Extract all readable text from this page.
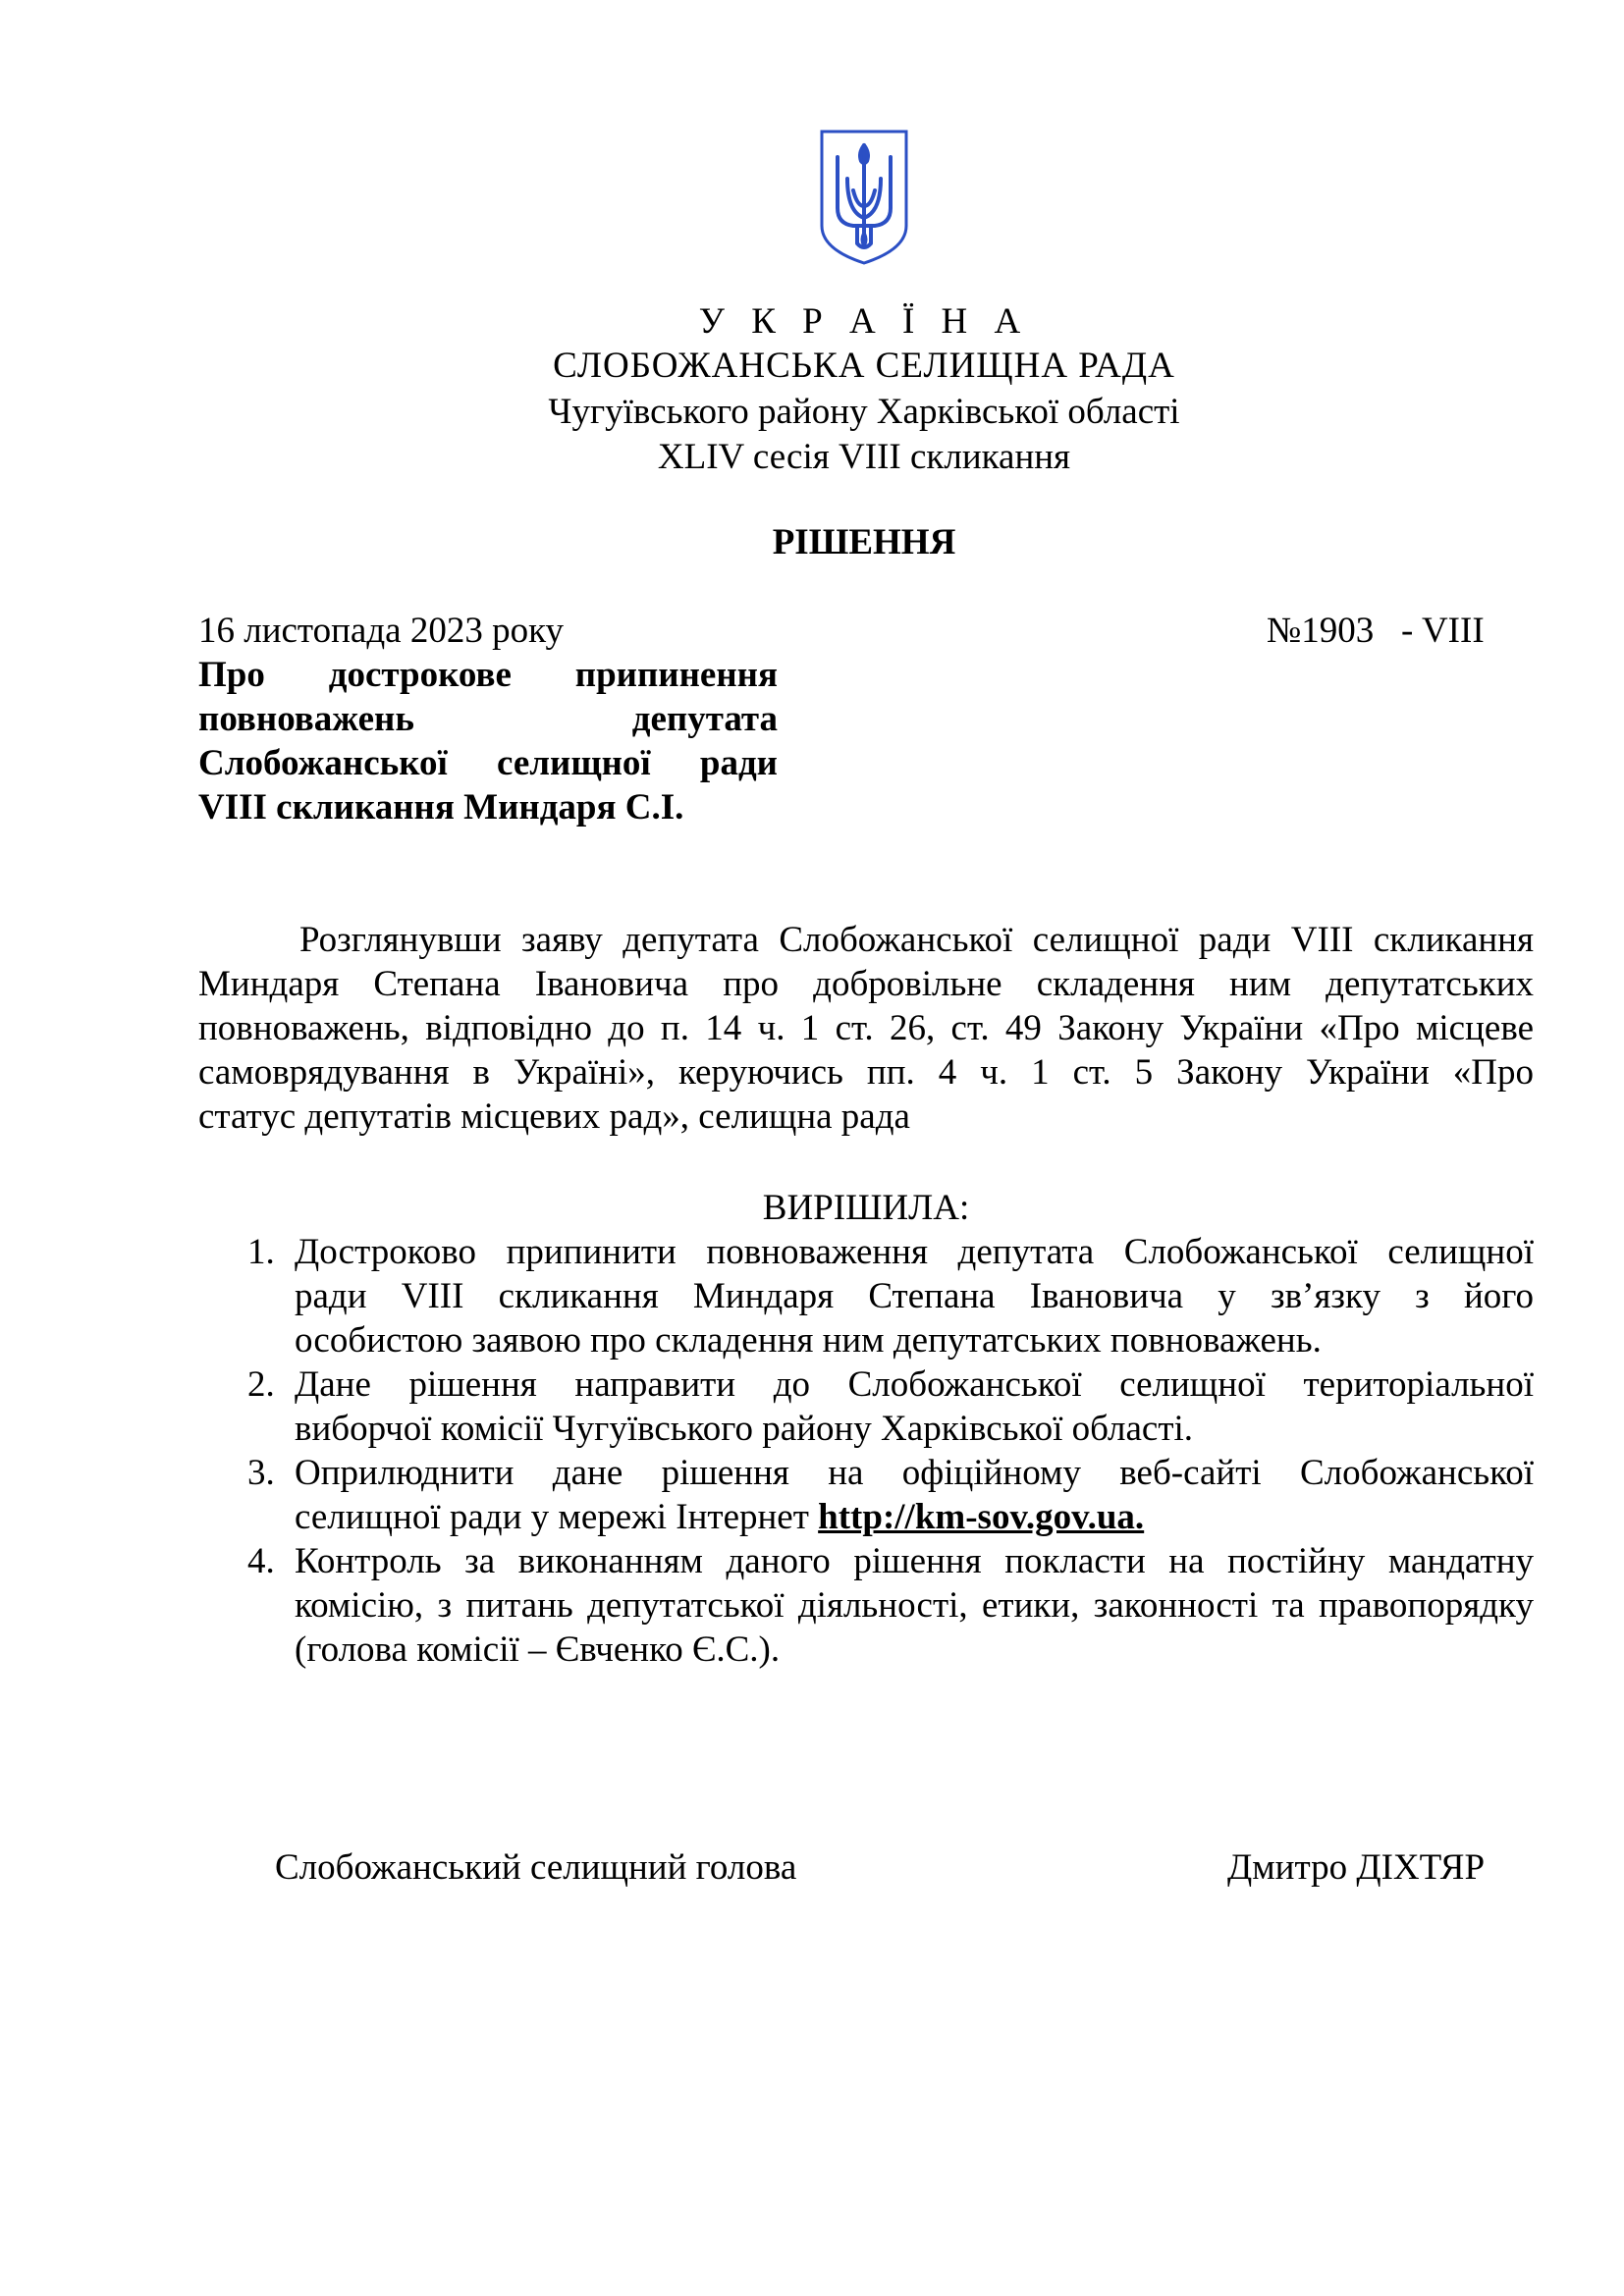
У К Р А Ї Н А
СЛОБОЖАНСЬКА СЕЛИЩНА РАДА
Чугуївського району Харківської області
XLIV сесія VIII скликання
РІШЕННЯ
16 листопада 2023 року	№1903   - VIII
Про дострокове припинення
повноважень депутата
Слобожанської селищної ради
VIII скликання Миндаря С.І.
Розглянувши заяву депутата Слобожанської селищної ради VIII скликання
Миндаря Степана Івановича про добровільне складення ним депутатських
повноважень, відповідно до п. 14 ч. 1 ст. 26, ст. 49 Закону України «Про місцеве
самоврядування в Україні», керуючись пп. 4 ч. 1 ст. 5 Закону України «Про
статус депутатів місцевих рад», селищна рада
ВИРІШИЛА:
1. Достроково припинити повноваження депутата Слобожанської селищної
ради VIII скликання Миндаря Степана Івановича у зв’язку з його
особистою заявою про складення ним депутатських повноважень.
2. Дане рішення направити до Слобожанської селищної територіальної
виборчої комісії Чугуївського району Харківської області.
3. Оприлюднити дане рішення на офіційному веб-сайті Слобожанської
селищної ради у мережі Інтернет http://km-sov.gov.ua.
4. Контроль за виконанням даного рішення покласти на постійну мандатну
комісію, з питань депутатської діяльності, етики, законності та правопорядку
(голова комісії – Євченко Є.С.).
Слобожанський селищний голова	Дмитро ДІХТЯР
